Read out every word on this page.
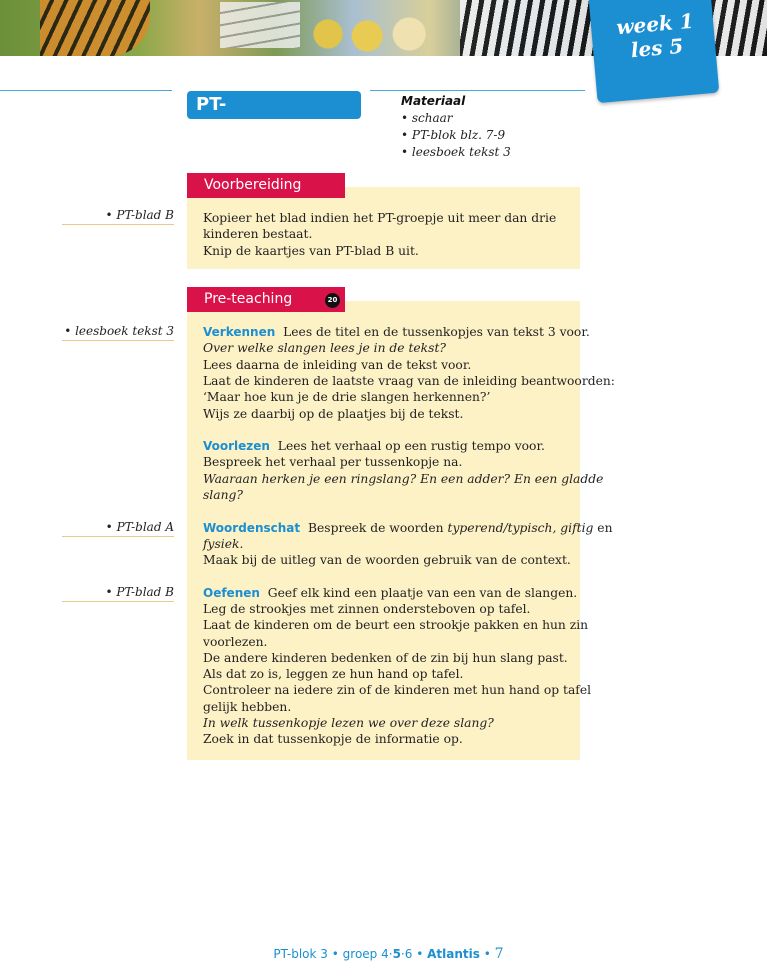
week 1
les 5
PT-instructieblad
Materiaal
• schaar
• PT-blok blz. 7-9
• leesboek tekst 3
Voorbereiding
• PT-blad B Kopieer het blad indien het PT-groepje uit meer dan drie
kinderen bestaat.
Knip de kaartjes van PT-blad B uit.
Pre-teaching	20
• leesboek tekst 3
• PT-blad A
• PT-blad B
Verkennen Lees de titel en de tussenkopjes van tekst 3 voor.
Over welke slangen lees je in de tekst?
Lees daarna de inleiding van de tekst voor.
Laat de kinderen de laatste vraag van de inleiding beantwoorden:
‘Maar hoe kun je de drie slangen herkennen?’
Wijs ze daarbij op de plaatjes bij de tekst.
Voorlezen Lees het verhaal op een rustig tempo voor.
Bespreek het verhaal per tussenkopje na.
Waaraan herken je een ringslang? En een adder? En een gladde
slang?
Woordenschat Bespreek de woorden typerend/typisch, giftig en
fysiek.
Maak bij de uitleg van de woorden gebruik van de context.
Oefenen Geef elk kind een plaatje van een van de slangen.
Leg de strookjes met zinnen ondersteboven op tafel.
Laat de kinderen om de beurt een strookje pakken en hun zin
voorlezen.
De andere kinderen bedenken of de zin bij hun slang past.
Als dat zo is, leggen ze hun hand op tafel.
Controleer na iedere zin of de kinderen met hun hand op tafel
gelijk hebben.
In welk tussenkopje lezen we over deze slang?
Zoek in dat tussenkopje de informatie op.
PT-blok 3 • groep 4·5·6 • Atlantis • 7
